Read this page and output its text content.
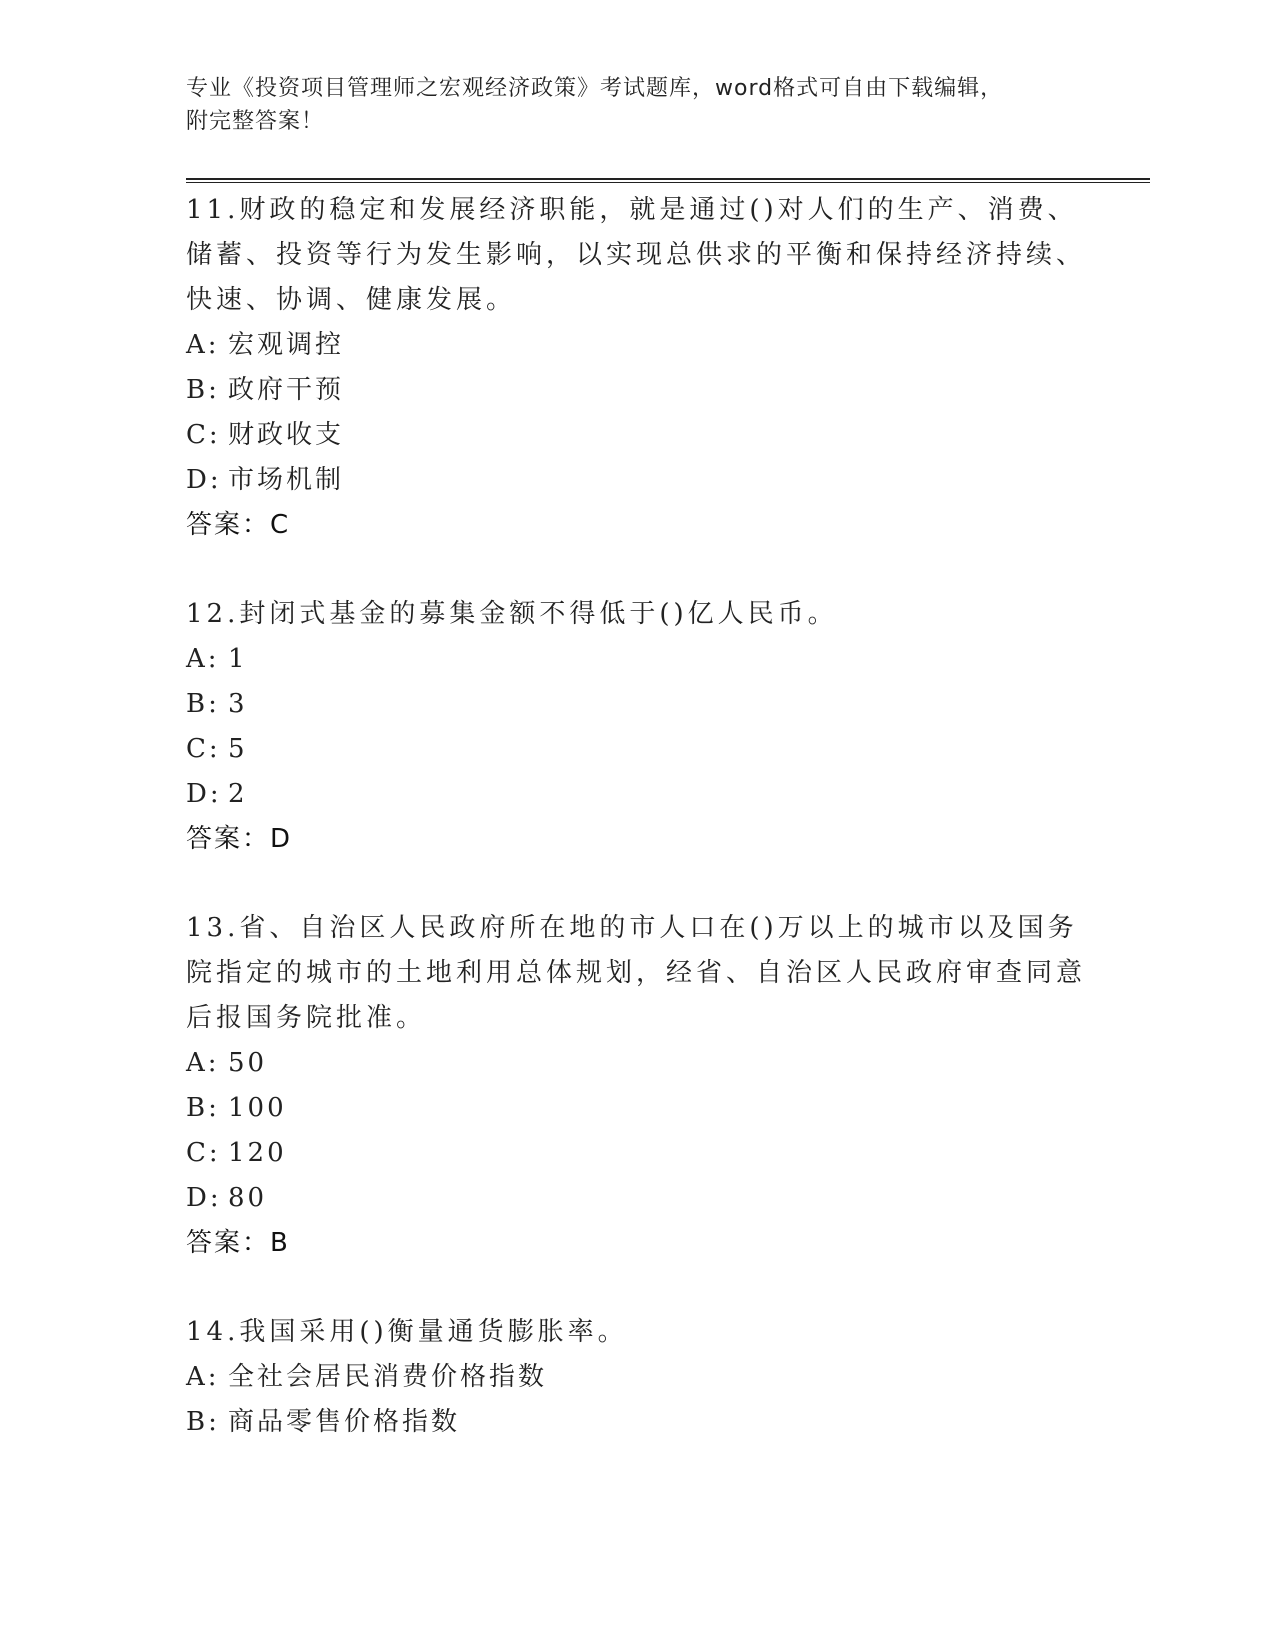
专业《投资项目管理师之宏观经济政策》考试题库，word格式可自由下载编辑，
附完整答案！
11.财政的稳定和发展经济职能，就是通过()对人们的生产、消费、储蓄、投资等行为发生影响，以实现总供求的平衡和保持经济持续、快速、协调、健康发展。
A: 宏观调控
B: 政府干预
C: 财政收支
D: 市场机制
答案：C
12.封闭式基金的募集金额不得低于()亿人民币。
A: 1
B: 3
C: 5
D: 2
答案：D
13.省、自治区人民政府所在地的市人口在()万以上的城市以及国务院指定的城市的土地利用总体规划，经省、自治区人民政府审查同意后报国务院批准。
A: 50
B: 100
C: 120
D: 80
答案：B
14.我国采用()衡量通货膨胀率。
A: 全社会居民消费价格指数
B: 商品零售价格指数
